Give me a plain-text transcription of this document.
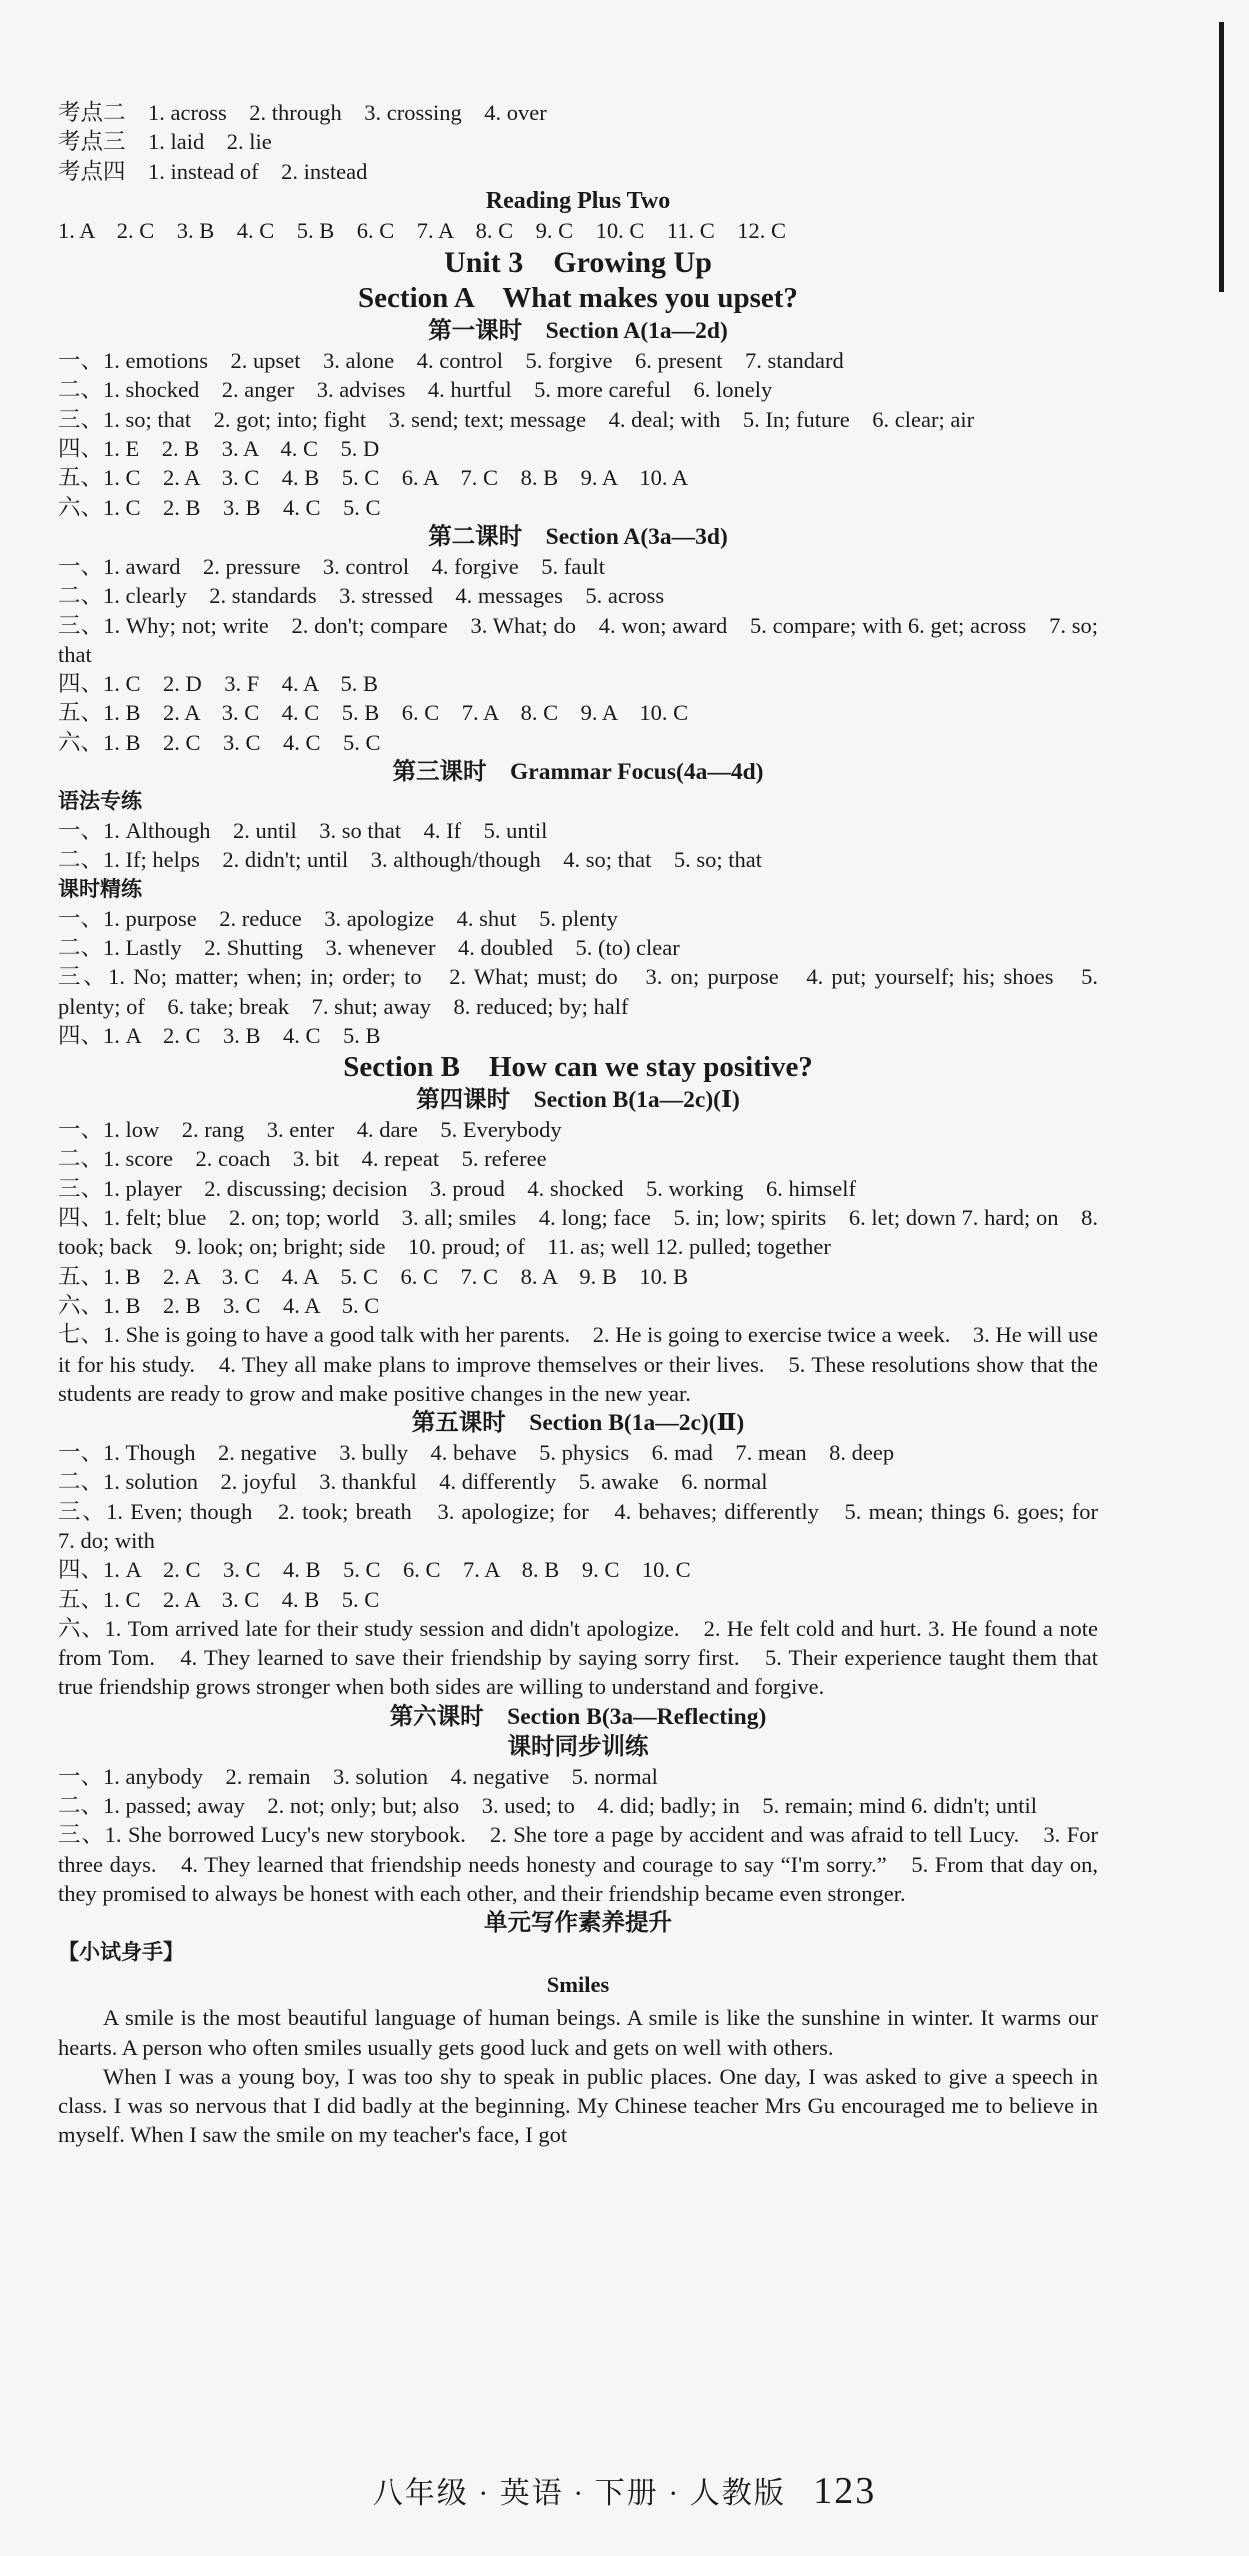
考点二　1. across　2. through　3. crossing　4. over
考点三　1. laid　2. lie
考点四　1. instead of　2. instead
Reading Plus Two
1. A　2. C　3. B　4. C　5. B　6. C　7. A　8. C　9. C　10. C　11. C　12. C
Unit 3　Growing Up
Section A　What makes you upset?
第一课时　Section A(1a—2d)
一、1. emotions　2. upset　3. alone　4. control　5. forgive　6. present　7. standard
二、1. shocked　2. anger　3. advises　4. hurtful　5. more careful　6. lonely
三、1. so; that　2. got; into; fight　3. send; text; message　4. deal; with　5. In; future　6. clear; air
四、1. E　2. B　3. A　4. C　5. D
五、1. C　2. A　3. C　4. B　5. C　6. A　7. C　8. B　9. A　10. A
六、1. C　2. B　3. B　4. C　5. C
第二课时　Section A(3a—3d)
一、1. award　2. pressure　3. control　4. forgive　5. fault
二、1. clearly　2. standards　3. stressed　4. messages　5. across
三、1. Why; not; write　2. don't; compare　3. What; do　4. won; award　5. compare; with 6. get; across　7. so; that
四、1. C　2. D　3. F　4. A　5. B
五、1. B　2. A　3. C　4. C　5. B　6. C　7. A　8. C　9. A　10. C
六、1. B　2. C　3. C　4. C　5. C
第三课时　Grammar Focus(4a—4d)
语法专练
一、1. Although　2. until　3. so that　4. If　5. until
二、1. If; helps　2. didn't; until　3. although/though　4. so; that　5. so; that
课时精练
一、1. purpose　2. reduce　3. apologize　4. shut　5. plenty
二、1. Lastly　2. Shutting　3. whenever　4. doubled　5. (to) clear
三、1. No; matter; when; in; order; to　2. What; must; do　3. on; purpose　4. put; yourself; his; shoes　5. plenty; of　6. take; break　7. shut; away　8. reduced; by; half
四、1. A　2. C　3. B　4. C　5. B
Section B　How can we stay positive?
第四课时　Section B(1a—2c)(Ⅰ)
一、1. low　2. rang　3. enter　4. dare　5. Everybody
二、1. score　2. coach　3. bit　4. repeat　5. referee
三、1. player　2. discussing; decision　3. proud　4. shocked　5. working　6. himself
四、1. felt; blue　2. on; top; world　3. all; smiles　4. long; face　5. in; low; spirits　6. let; down 7. hard; on　8. took; back　9. look; on; bright; side　10. proud; of　11. as; well 12. pulled; together
五、1. B　2. A　3. C　4. A　5. C　6. C　7. C　8. A　9. B　10. B
六、1. B　2. B　3. C　4. A　5. C
七、1. She is going to have a good talk with her parents.　2. He is going to exercise twice a week.　3. He will use it for his study.　4. They all make plans to improve themselves or their lives.　5. These resolutions show that the students are ready to grow and make positive changes in the new year.
第五课时　Section B(1a—2c)(Ⅱ)
一、1. Though　2. negative　3. bully　4. behave　5. physics　6. mad　7. mean　8. deep
二、1. solution　2. joyful　3. thankful　4. differently　5. awake　6. normal
三、1. Even; though　2. took; breath　3. apologize; for　4. behaves; differently　5. mean; things 6. goes; for　7. do; with
四、1. A　2. C　3. C　4. B　5. C　6. C　7. A　8. B　9. C　10. C
五、1. C　2. A　3. C　4. B　5. C
六、1. Tom arrived late for their study session and didn't apologize.　2. He felt cold and hurt. 3. He found a note from Tom.　4. They learned to save their friendship by saying sorry first.　5. Their experience taught them that true friendship grows stronger when both sides are willing to understand and forgive.
第六课时　Section B(3a—Reflecting)
课时同步训练
一、1. anybody　2. remain　3. solution　4. negative　5. normal
二、1. passed; away　2. not; only; but; also　3. used; to　4. did; badly; in　5. remain; mind 6. didn't; until
三、1. She borrowed Lucy's new storybook.　2. She tore a page by accident and was afraid to tell Lucy.　3. For three days.　4. They learned that friendship needs honesty and courage to say “I'm sorry.”　5. From that day on, they promised to always be honest with each other, and their friendship became even stronger.
单元写作素养提升
【小试身手】
Smiles
A smile is the most beautiful language of human beings. A smile is like the sunshine in winter. It warms our hearts. A person who often smiles usually gets good luck and gets on well with others.
When I was a young boy, I was too shy to speak in public places. One day, I was asked to give a speech in class. I was so nervous that I did badly at the beginning. My Chinese teacher Mrs Gu encouraged me to believe in myself. When I saw the smile on my teacher's face, I got
八年级 · 英语 · 下册 · 人教版 123
